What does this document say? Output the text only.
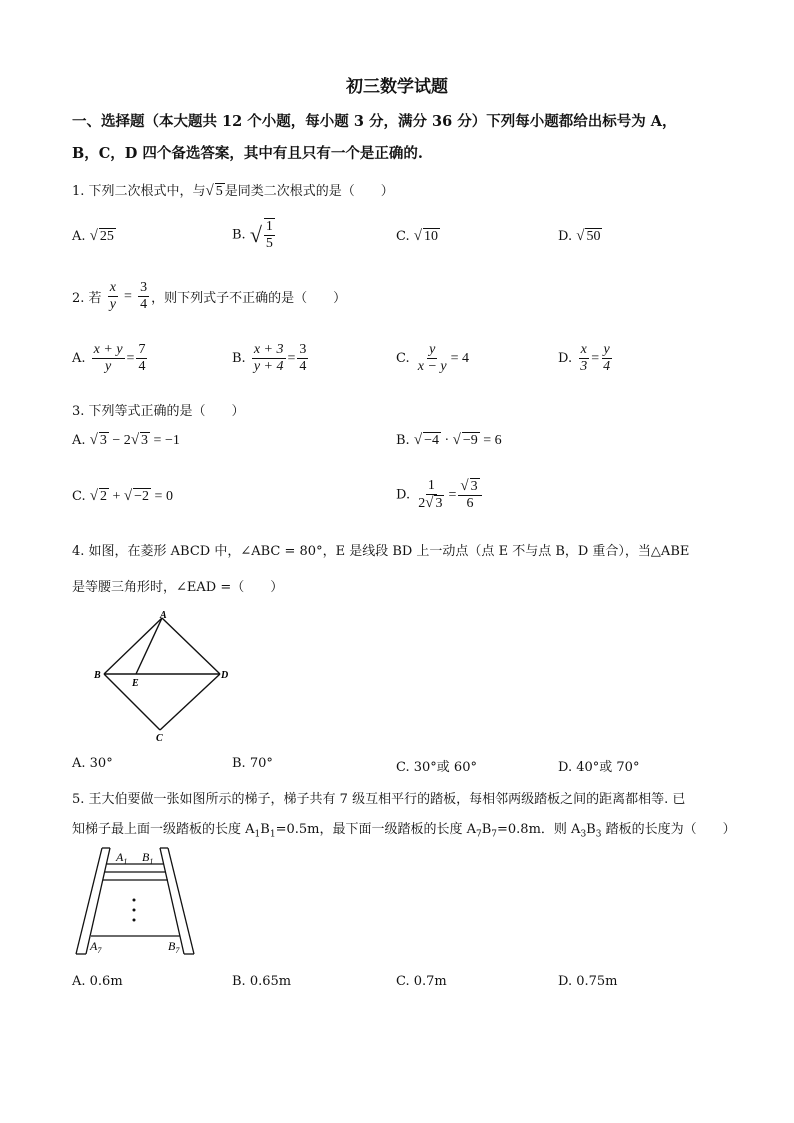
初三数学试题
一、选择题（本大题共 12 个小题，每小题 3 分，满分 36 分）下列每小题都给出标号为 A，
B，C，D 四个备选答案，其中有且只有一个是正确的.
1. 下列二次根式中，与√ 5 是同类二次根式的是（　　）
A. √ 25	B. √ $\frac{1}{5}$	C. √ 10	D. √ 50
2. 若 $\frac{x}{y} = \frac{3}{4}$ ，则下列式子不正确的是（　　）
A. $\frac{x + y}{y} = \frac{7}{4}$	B. $\frac{x + 3}{y + 4} = \frac{3}{4}$	C. $\frac{y}{x - y} = 4$	D. $\frac{x}{3} = \frac{y}{4}$
3. 下列等式正确的是（　　）
A. √ 3 − 2√ 3 = −1	B. √ −4 · √ −9 = 6
C. √ 2 + √ −2 = 0	D. $\frac{1}{2√ 3} = \frac{√ 3}{6}$
4. 如图，在菱形 ABCD 中，∠ABC = 80°，E 是线段 BD 上一动点（点 E 不与点 B，D 重合），当△ABE
是等腰三角形时，∠EAD =（　　）
A
B
E
D
C
A. 30°	B. 70°	C. 30°或 60°	D. 40°或 70°
5. 王大伯要做一张如图所示的梯子，梯子共有 7 级互相平行的踏板，每相邻两级踏板之间的距离都相等. 已
知梯子最上面一级踏板的长度 $A_1B_1=0.5m$，最下面一级踏板的长度 $A_7B_7=0.8m$．则 $A_3B_3$ 踏板的长度为（　　）
$A_1$ $B_1$
$A_7$	$B_7$
A. 0.6m	B. 0.65m	C. 0.7m	D. 0.75m
